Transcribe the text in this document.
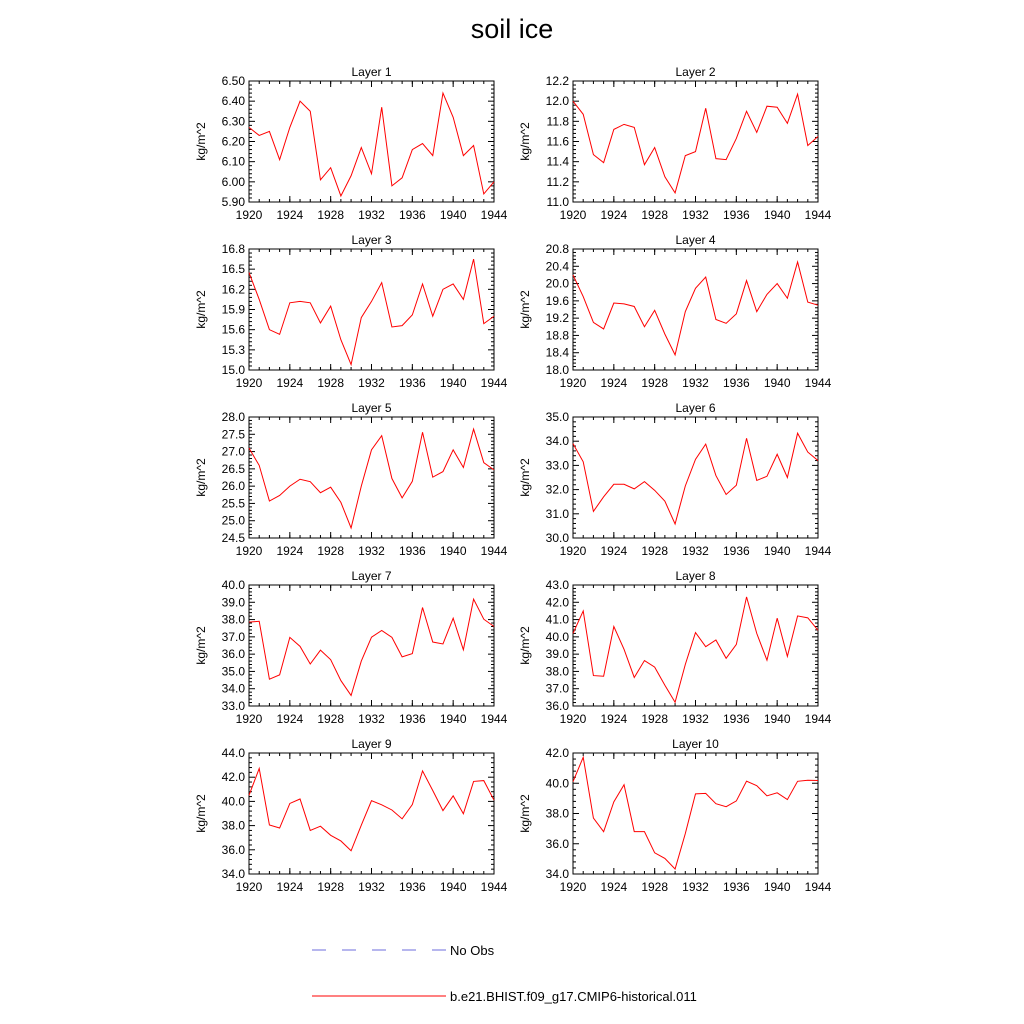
soil ice
Layer 1
kg/m^2
1920 1924 1928 1932 1936 1940 1944
5.90
6.00
6.10
6.20
6.30
6.40
6.50
Layer 2
kg/m^2
1920 1924 1928 1932 1936 1940 1944
11.0
11.2
11.4
11.6
11.8
12.0
12.2
Layer 3
kg/m^2
1920 1924 1928 1932 1936 1940 1944
15.0
15.3
15.6
15.9
16.2
16.5
16.8
Layer 4
kg/m^2
1920 1924 1928 1932 1936 1940 1944
18.0
18.4
18.8
19.2
19.6
20.0
20.4
20.8
Layer 5
kg/m^2
1920 1924 1928 1932 1936 1940 1944
24.5
25.0
25.5
26.0
26.5
27.0
27.5
28.0
Layer 6
kg/m^2
1920 1924 1928 1932 1936 1940 1944
30.0
31.0
32.0
33.0
34.0
35.0
Layer 7
kg/m^2
1920 1924 1928 1932 1936 1940 1944
33.0
34.0
35.0
36.0
37.0
38.0
39.0
40.0
Layer 8
kg/m^2
1920 1924 1928 1932 1936 1940 1944
36.0
37.0
38.0
39.0
40.0
41.0
42.0
43.0
Layer 9
kg/m^2
1920 1924 1928 1932 1936 1940 1944
34.0
36.0
38.0
40.0
42.0
44.0
Layer 10
kg/m^2
1920 1924 1928 1932 1936 1940 1944
34.0
36.0
38.0
40.0
42.0
No Obs
b.e21.BHIST.f09_g17.CMIP6-historical.011
